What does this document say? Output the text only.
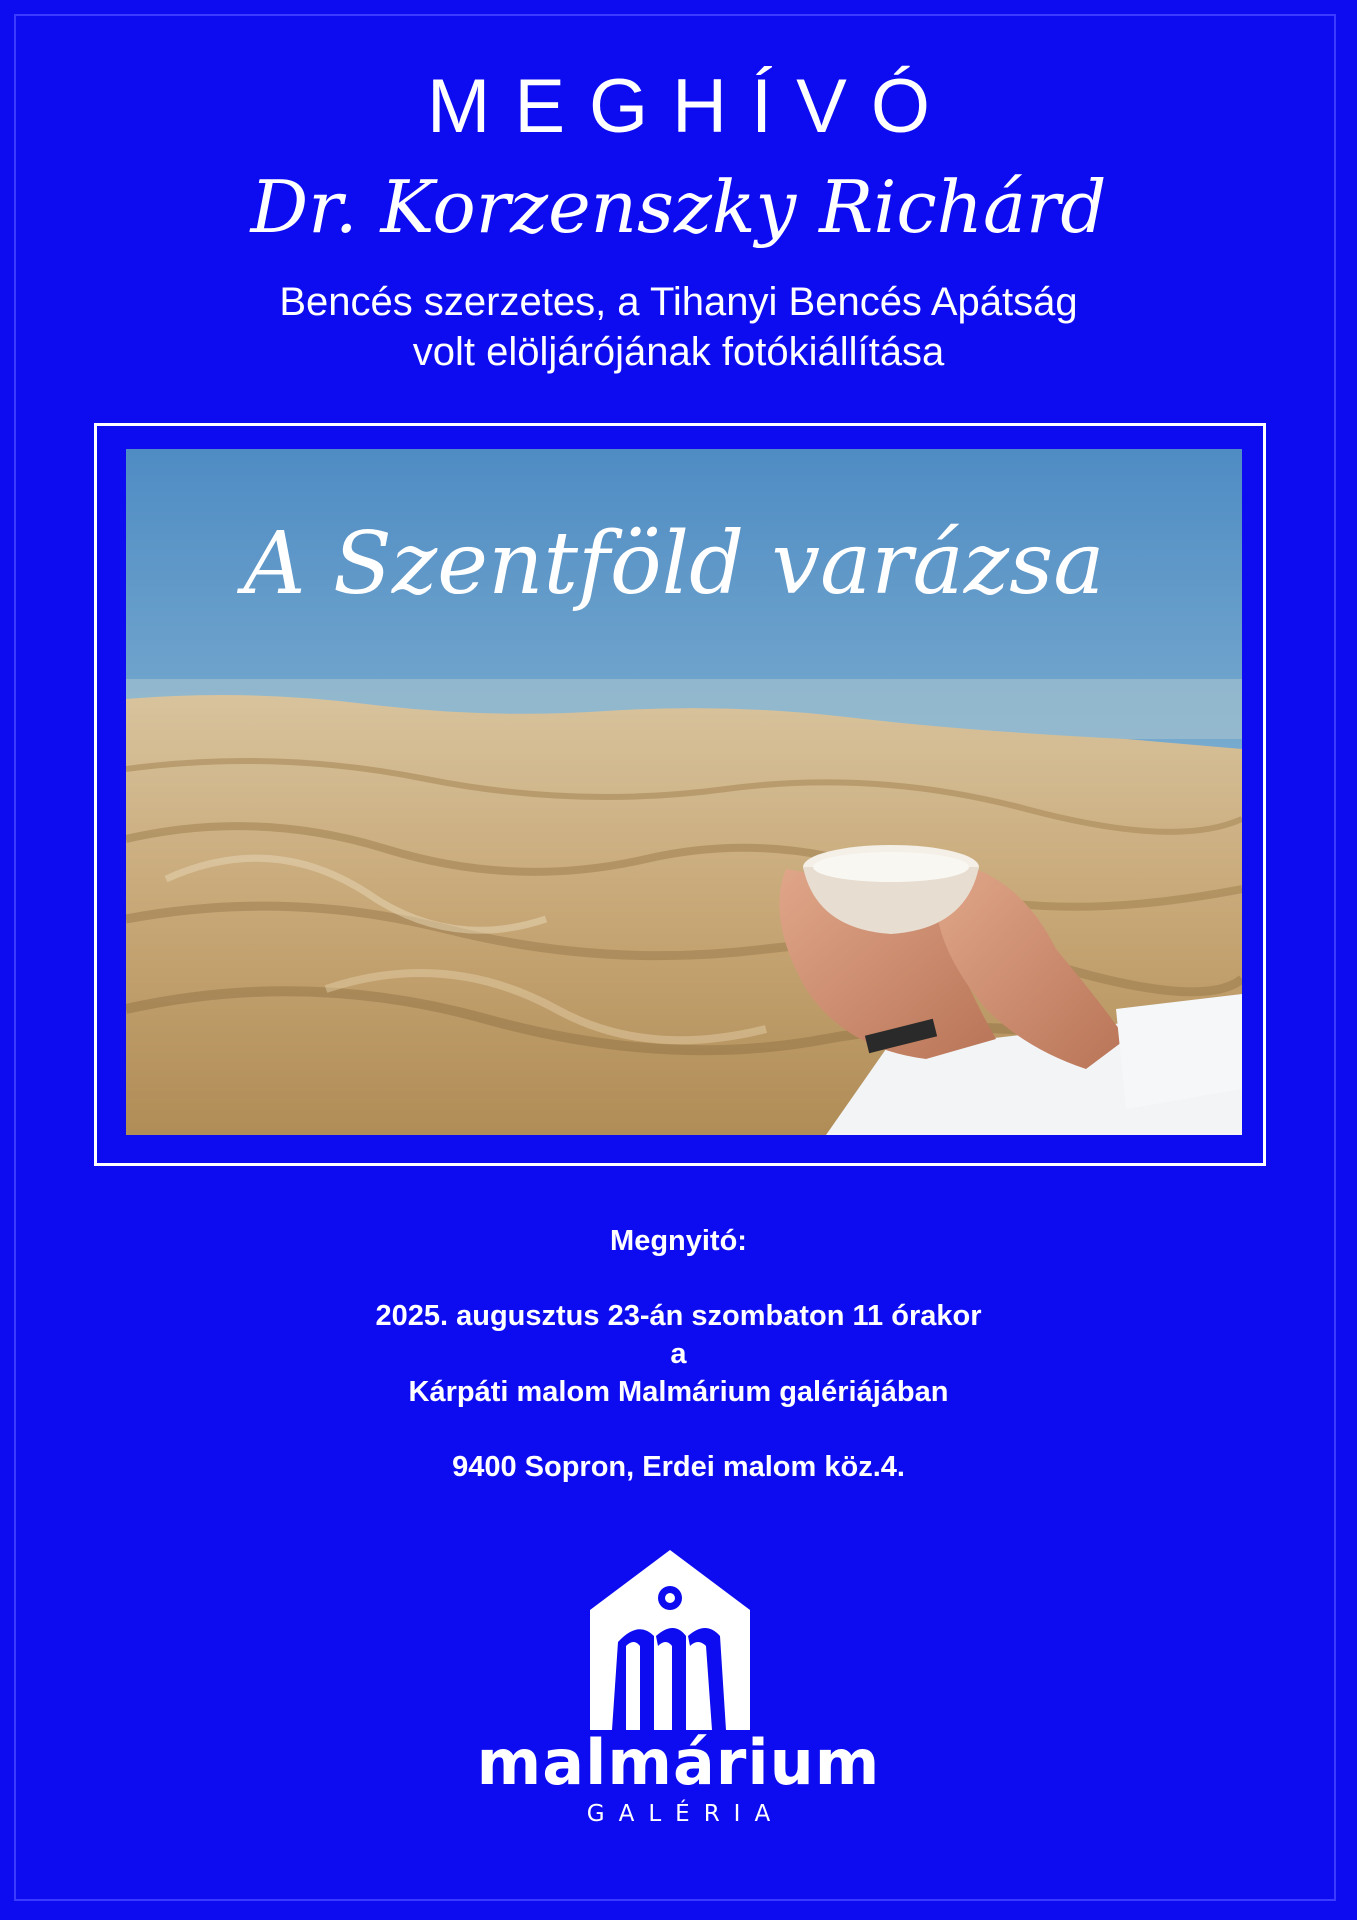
MEGHÍVÓ
Dr. Korzenszky Richárd
Bencés szerzetes, a Tihanyi Bencés Apátság
volt elöljárójának fotókiállítása
A Szentföld varázsa
Megnyitó:
2025. augusztus 23-án szombaton 11 órakor
a
Kárpáti malom Malmárium galériájában
9400 Sopron, Erdei malom köz.4.
malmárium
GALÉRIA
